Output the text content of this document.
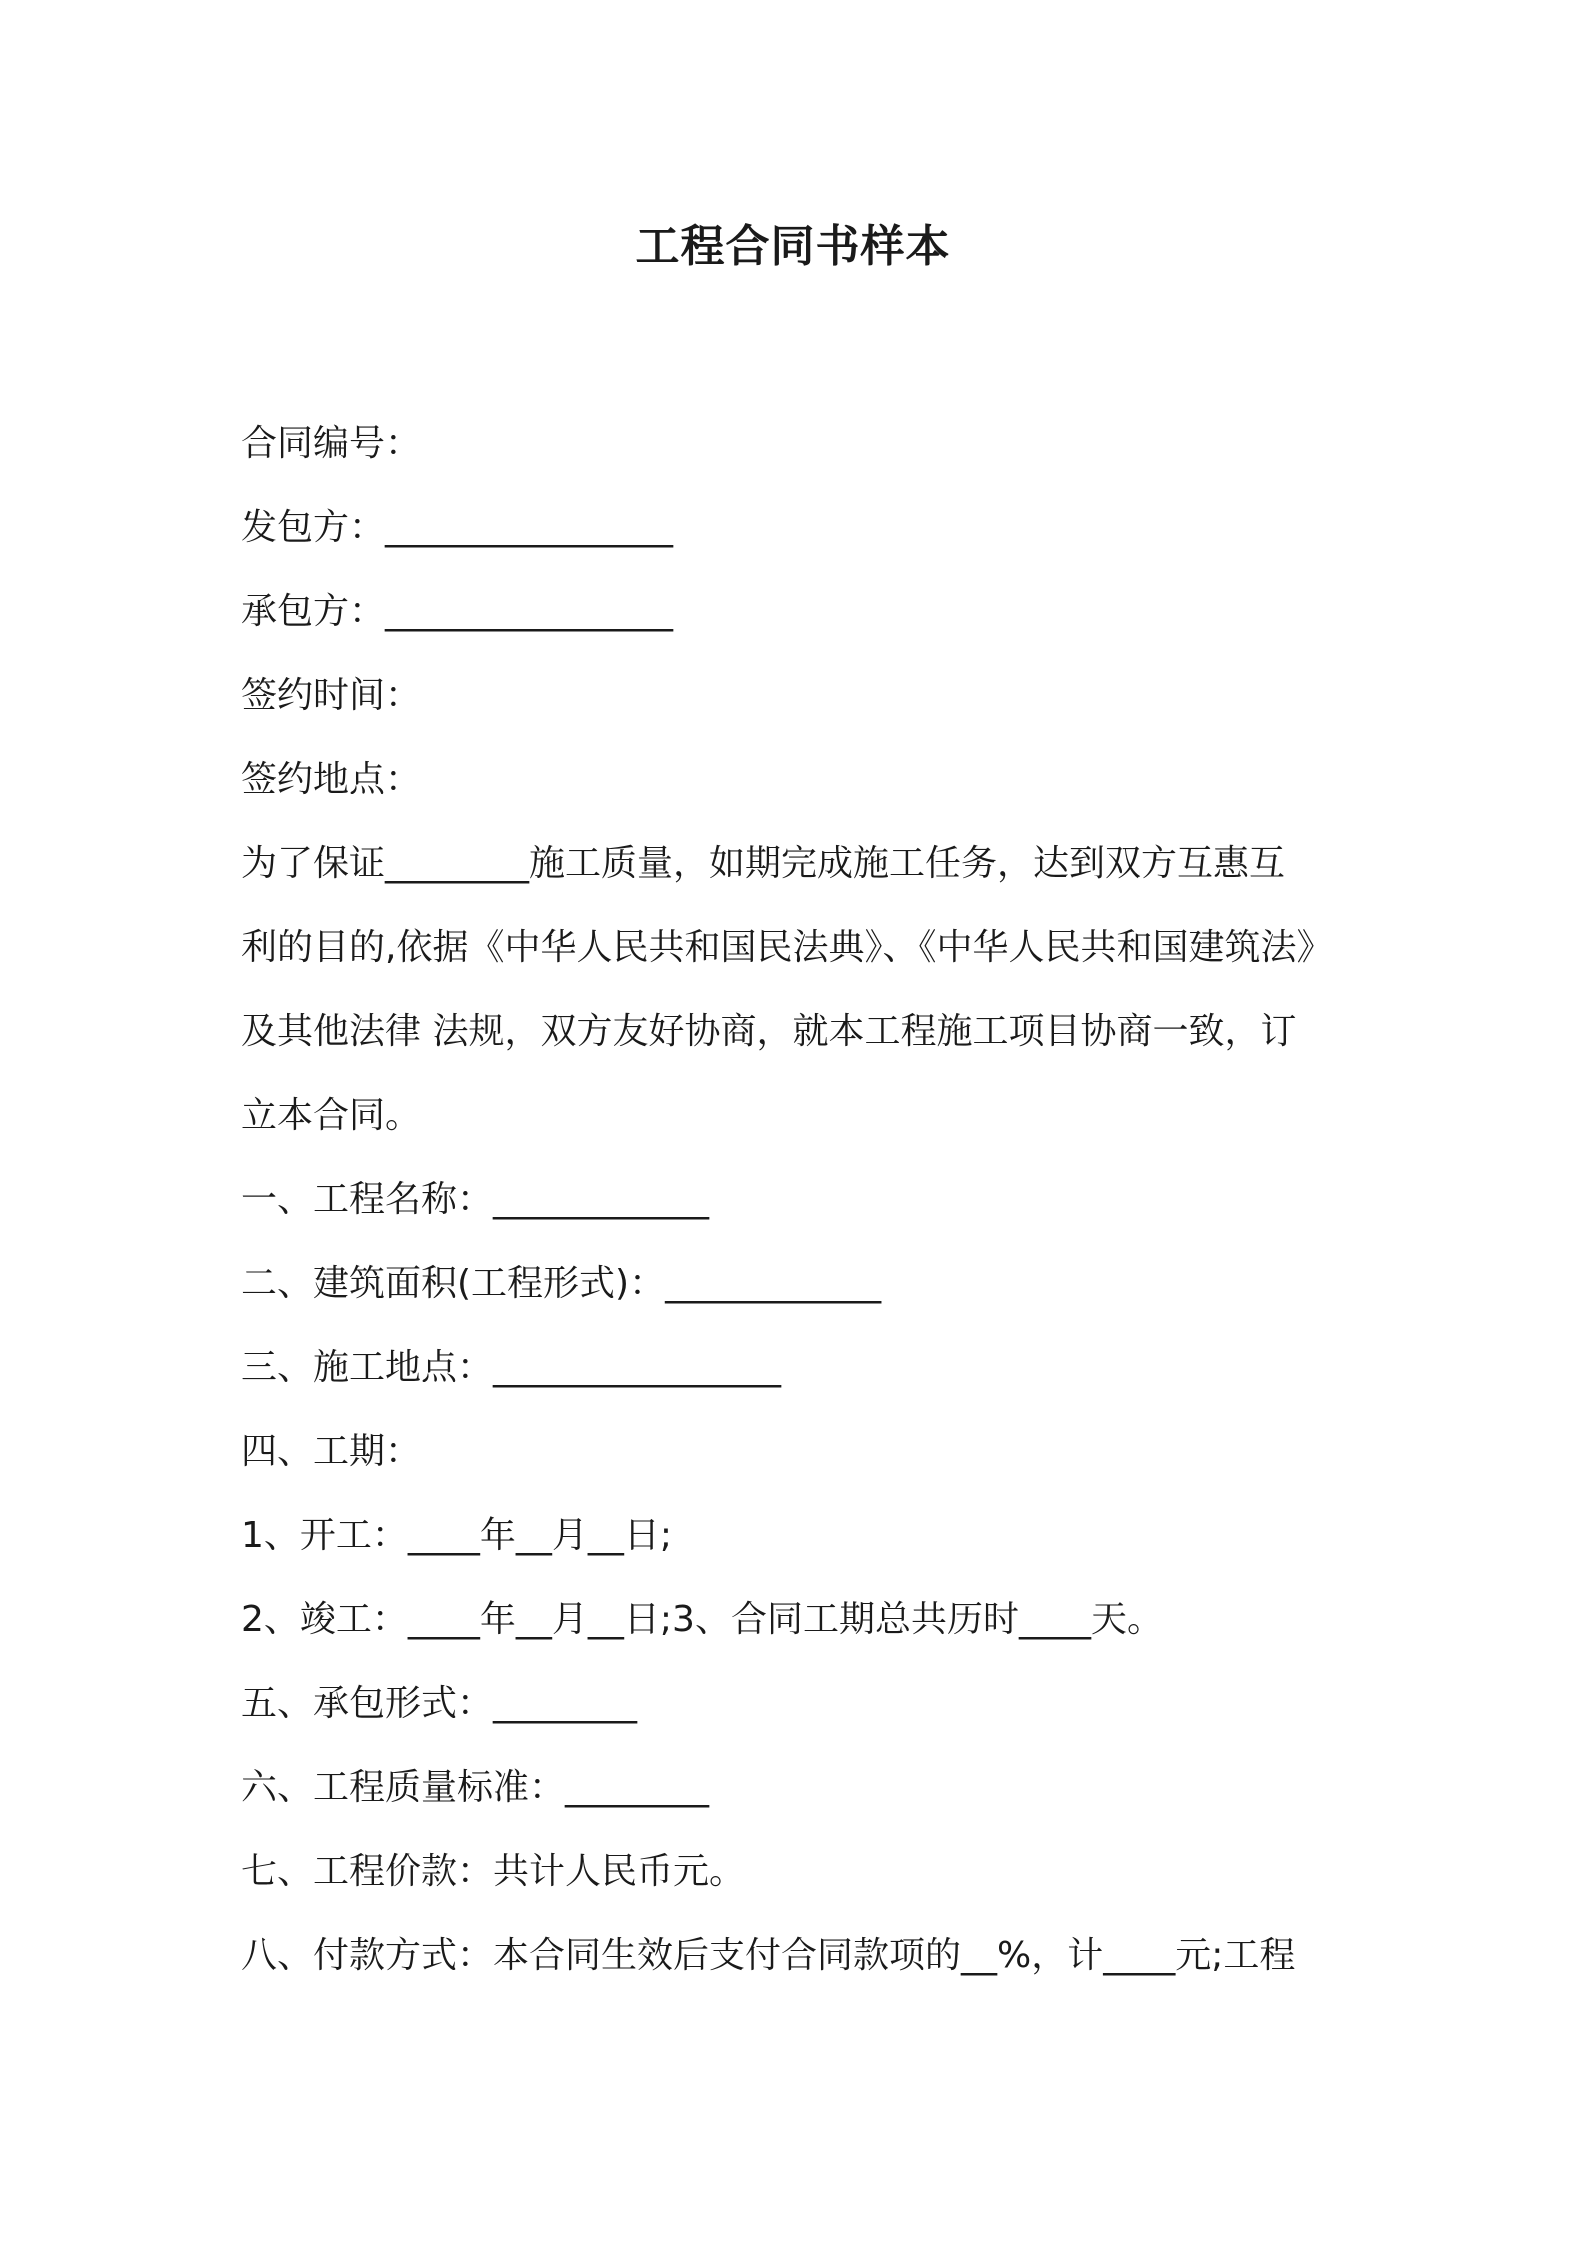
工程合同书样本
合同编号：
发包方：________________
承包方：________________
签约时间：
签约地点：
为了保证________施工质量，如期完成施工任务，达到双方互惠互
利的目的,依据《中华人民共和国民法典》、《中华人民共和国建筑法》
及其他法律 法规，双方友好协商，就本工程施工项目协商一致，订
立本合同。
一、工程名称：____________
二、建筑面积(工程形式)：____________
三、施工地点：________________
四、工期：
1、开工：____年__月__日;
2、竣工：____年__月__日;3、合同工期总共历时____天。
五、承包形式：________
六、工程质量标准：________
七、工程价款：共计人民币元。
八、付款方式：本合同生效后支付合同款项的__%，计____元;工程
